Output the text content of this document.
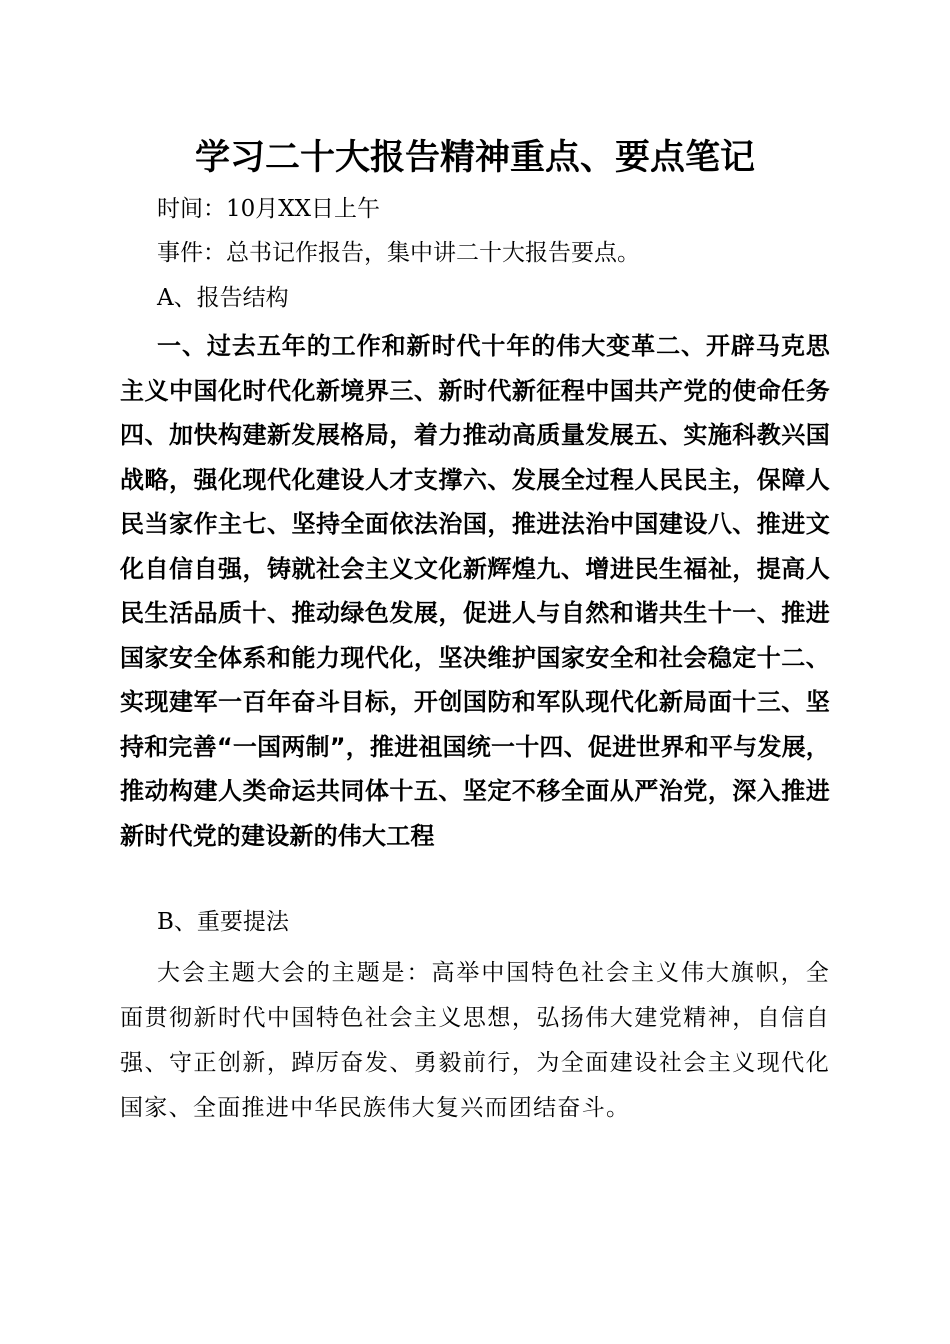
学习二十大报告精神重点、要点笔记

时间：10月XX日上午

事件：总书记作报告，集中讲二十大报告要点。

A、报告结构

一、过去五年的工作和新时代十年的伟大变革二、开辟马克思主义中国化时代化新境界三、新时代新征程中国共产党的使命任务四、加快构建新发展格局，着力推动高质量发展五、实施科教兴国战略，强化现代化建设人才支撑六、发展全过程人民民主，保障人民当家作主七、坚持全面依法治国，推进法治中国建设八、推进文化自信自强，铸就社会主义文化新辉煌九、增进民生福祉，提高人民生活品质十、推动绿色发展，促进人与自然和谐共生十一、推进国家安全体系和能力现代化，坚决维护国家安全和社会稳定十二、实现建军一百年奋斗目标，开创国防和军队现代化新局面十三、坚持和完善“一国两制”，推进祖国统一十四、促进世界和平与发展，推动构建人类命运共同体十五、坚定不移全面从严治党，深入推进新时代党的建设新的伟大工程

B、重要提法

大会主题大会的主题是：高举中国特色社会主义伟大旗帜，全面贯彻新时代中国特色社会主义思想，弘扬伟大建党精神，自信自强、守正创新，踔厉奋发、勇毅前行，为全面建设社会主义现代化国家、全面推进中华民族伟大复兴而团结奋斗。
